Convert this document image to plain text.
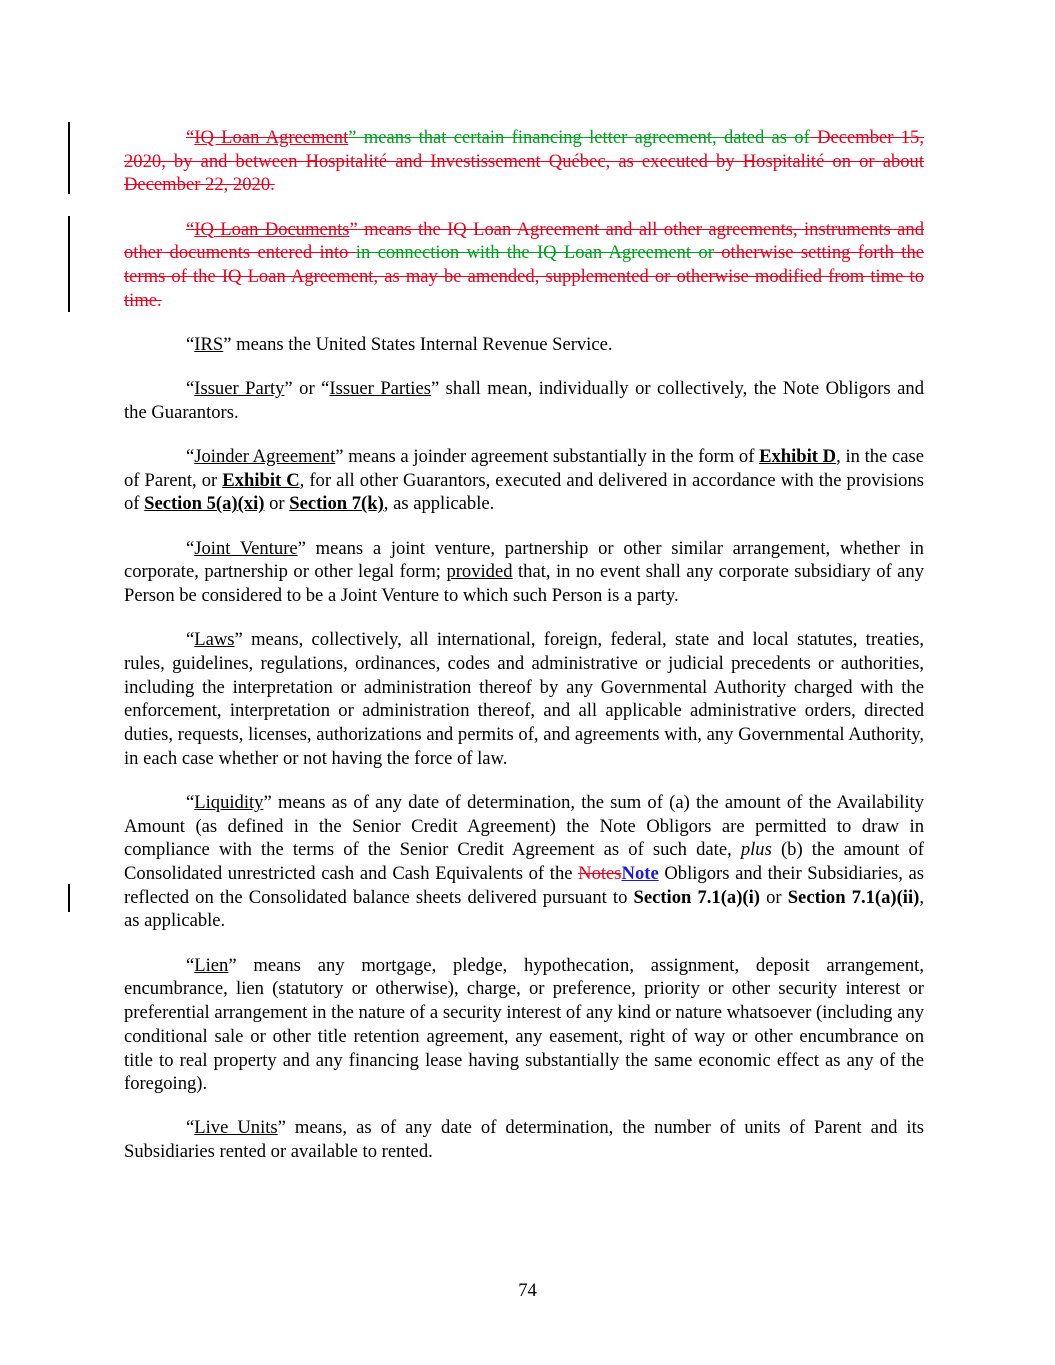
“IQ Loan Agreement” means that certain financing letter agreement, dated as of December 15, 2020, by and between Hospitalité and Investissement Québec, as executed by Hospitalité on or about December 22, 2020.

“IQ Loan Documents” means the IQ Loan Agreement and all other agreements, instruments and other documents entered into in connection with the IQ Loan Agreement or otherwise setting forth the terms of the IQ Loan Agreement, as may be amended, supplemented or otherwise modified from time to time.

“IRS” means the United States Internal Revenue Service.

“Issuer Party” or “Issuer Parties” shall mean, individually or collectively, the Note Obligors and the Guarantors.

“Joinder Agreement” means a joinder agreement substantially in the form of Exhibit D, in the case of Parent, or Exhibit C, for all other Guarantors, executed and delivered in accordance with the provisions of Section 5(a)(xi) or Section 7(k), as applicable.

“Joint Venture” means a joint venture, partnership or other similar arrangement, whether in corporate, partnership or other legal form; provided that, in no event shall any corporate subsidiary of any Person be considered to be a Joint Venture to which such Person is a party.

“Laws” means, collectively, all international, foreign, federal, state and local statutes, treaties, rules, guidelines, regulations, ordinances, codes and administrative or judicial precedents or authorities, including the interpretation or administration thereof by any Governmental Authority charged with the enforcement, interpretation or administration thereof, and all applicable administrative orders, directed duties, requests, licenses, authorizations and permits of, and agreements with, any Governmental Authority, in each case whether or not having the force of law.

“Liquidity” means as of any date of determination, the sum of (a) the amount of the Availability Amount (as defined in the Senior Credit Agreement) the Note Obligors are permitted to draw in compliance with the terms of the Senior Credit Agreement as of such date, plus (b) the amount of Consolidated unrestricted cash and Cash Equivalents of the NotesNote Obligors and their Subsidiaries, as reflected on the Consolidated balance sheets delivered pursuant to Section 7.1(a)(i) or Section 7.1(a)(ii), as applicable.

“Lien” means any mortgage, pledge, hypothecation, assignment, deposit arrangement, encumbrance, lien (statutory or otherwise), charge, or preference, priority or other security interest or preferential arrangement in the nature of a security interest of any kind or nature whatsoever (including any conditional sale or other title retention agreement, any easement, right of way or other encumbrance on title to real property and any financing lease having substantially the same economic effect as any of the foregoing).

“Live Units” means, as of any date of determination, the number of units of Parent and its Subsidiaries rented or available to rented.

74
